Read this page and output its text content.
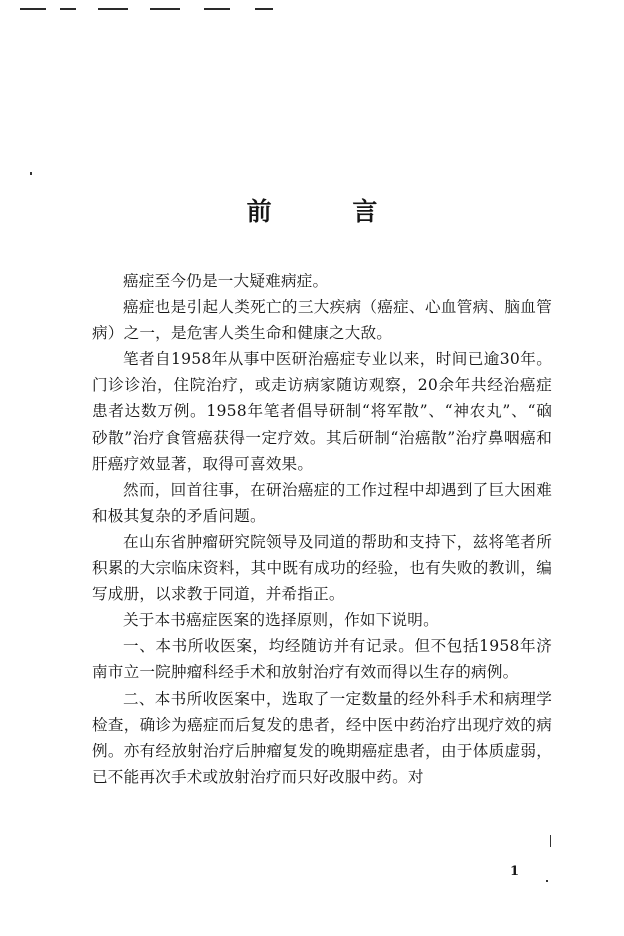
前 言

癌症至今仍是一大疑难病症。

癌症也是引起人类死亡的三大疾病（癌症、心血管病、脑血管病）之一，是危害人类生命和健康之大敌。

笔者自1958年从事中医研治癌症专业以来，时间已逾30年。门诊诊治，住院治疗，或走访病家随访观察，20余年共经治癌症患者达数万例。1958年笔者倡导研制“将军散”、“神农丸”、“硇砂散”治疗食管癌获得一定疗效。其后研制“治癌散”治疗鼻咽癌和肝癌疗效显著，取得可喜效果。

然而，回首往事，在研治癌症的工作过程中却遇到了巨大困难和极其复杂的矛盾问题。

在山东省肿瘤研究院领导及同道的帮助和支持下，兹将笔者所积累的大宗临床资料，其中既有成功的经验，也有失败的教训，编写成册，以求教于同道，并希指正。

关于本书癌症医案的选择原则，作如下说明。

一、本书所收医案，均经随访并有记录。但不包括1958年济南市立一院肿瘤科经手术和放射治疗有效而得以生存的病例。

二、本书所收医案中，选取了一定数量的经外科手术和病理学检查，确诊为癌症而后复发的患者，经中医中药治疗出现疗效的病例。亦有经放射治疗后肿瘤复发的晚期癌症患者，由于体质虚弱，已不能再次手术或放射治疗而只好改服中药。对

1
